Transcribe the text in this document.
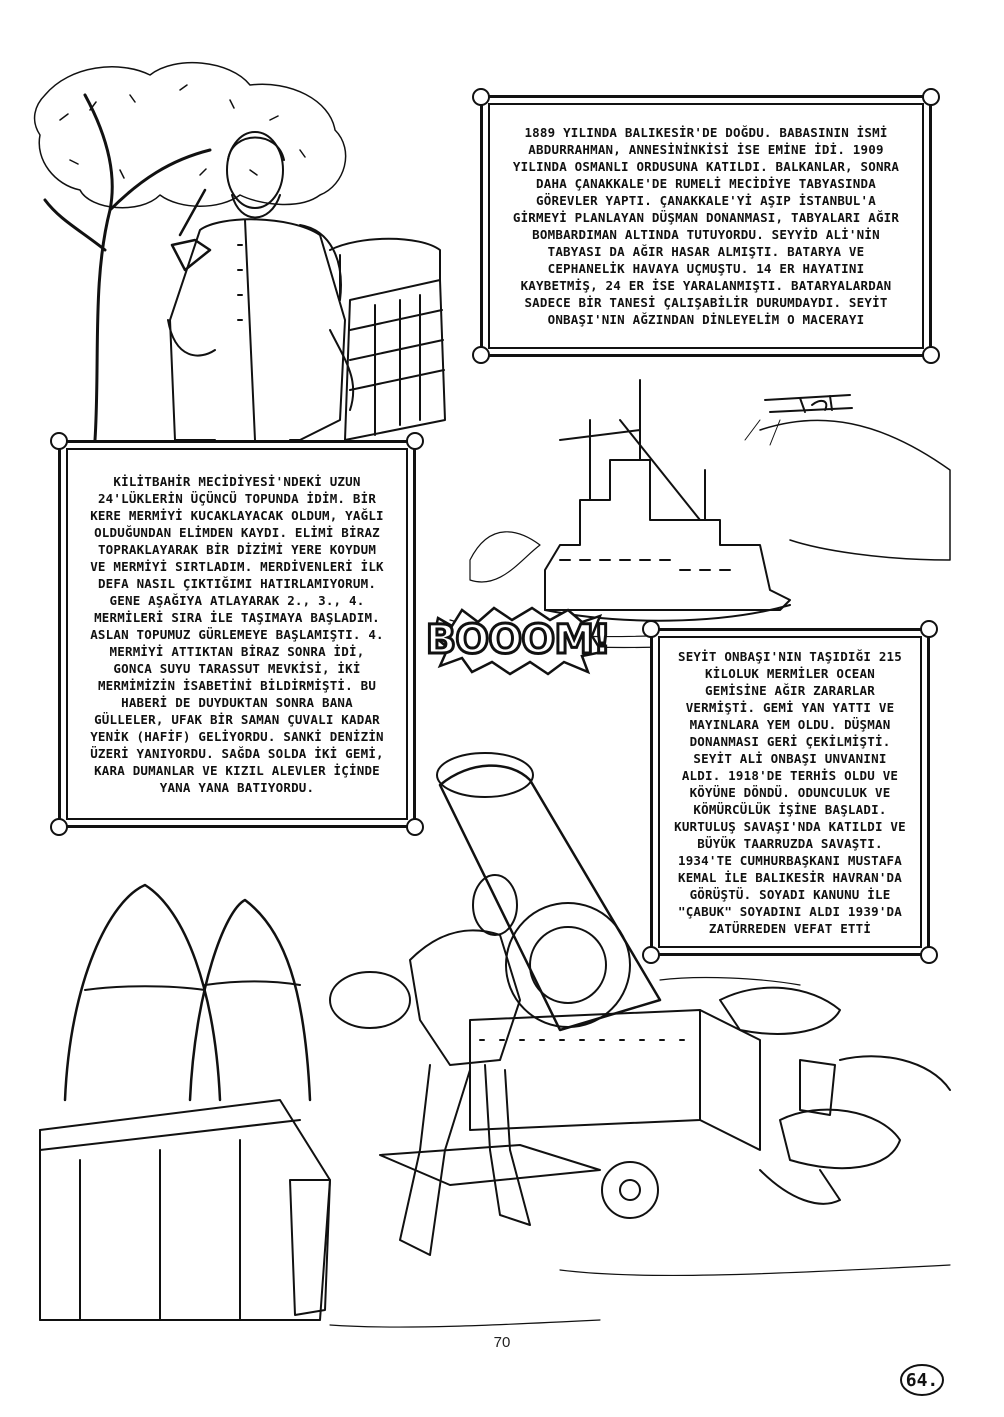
BOOOM!

1889 YILINDA BALIKESİR'DE DOĞDU. BABASININ İSMİ ABDURRAHMAN, ANNESİNİNKİSİ İSE EMİNE İDİ. 1909 YILINDA OSMANLI ORDUSUNA KATILDI. BALKANLAR, SONRA DAHA ÇANAKKALE'DE RUMELİ MECİDİYE TABYASINDA GÖREVLER YAPTI. ÇANAKKALE'Yİ AŞIP İSTANBUL'A GİRMEYİ PLANLAYAN DÜŞMAN DONANMASI, TABYALARI AĞIR BOMBARDIMAN ALTINDA TUTUYORDU. SEYYİD ALİ'NİN TABYASI DA AĞIR HASAR ALMIŞTI. BATARYA VE CEPHANELİK HAVAYA UÇMUŞTU. 14 ER HAYATINI KAYBETMİŞ, 24 ER İSE YARALANMIŞTI. BATARYALARDAN SADECE BİR TANESİ ÇALIŞABİLİR DURUMDAYDI. SEYİT ONBAŞI'NIN AĞZINDAN DİNLEYELİM O MACERAYI

KİLİTBAHİR MECİDİYESİ'NDEKİ UZUN 24'LÜKLERİN ÜÇÜNCÜ TOPUNDA İDİM. BİR KERE MERMİYİ KUCAKLAYACAK OLDUM, YAĞLI OLDUĞUNDAN ELİMDEN KAYDI. ELİMİ BİRAZ TOPRAKLAYARAK BİR DİZİMİ YERE KOYDUM VE MERMİYİ SIRTLADIM. MERDİVENLERİ İLK DEFA NASIL ÇIKTIĞIMI HATIRLAMIYORUM. GENE AŞAĞIYA ATLAYARAK 2., 3., 4. MERMİLERİ SIRA İLE TAŞIMAYA BAŞLADIM. ASLAN TOPUMUZ GÜRLEMEYE BAŞLAMIŞTI. 4. MERMİYİ ATTIKTAN BİRAZ SONRA İDİ, GONCA SUYU TARASSUT MEVKİSİ, İKİ MERMİMİZİN İSABETİNİ BİLDİRMİŞTİ. BU HABERİ DE DUYDUKTAN SONRA BANA GÜLLELER, UFAK BİR SAMAN ÇUVALI KADAR YENİK (HAFİF) GELİYORDU. SANKİ DENİZİN ÜZERİ YANIYORDU. SAĞDA SOLDA İKİ GEMİ, KARA DUMANLAR VE KIZIL ALEVLER İÇİNDE YANA YANA BATIYORDU.

SEYİT ONBAŞI'NIN TAŞIDIĞI 215 KİLOLUK MERMİLER OCEAN GEMİSİNE AĞIR ZARARLAR VERMİŞTİ. GEMİ YAN YATTI VE MAYINLARA YEM OLDU. DÜŞMAN DONANMASI GERİ ÇEKİLMİŞTİ. SEYİT ALİ ONBAŞI UNVANINI ALDI. 1918'DE TERHİS OLDU VE KÖYÜNE DÖNDÜ. ODUNCULUK VE KÖMÜRCÜLÜK İŞİNE BAŞLADI. KURTULUŞ SAVAŞI'NDA KATILDI VE BÜYÜK TAARRUZDA SAVAŞTI. 1934'TE CUMHURBAŞKANI MUSTAFA KEMAL İLE BALIKESİR HAVRAN'DA GÖRÜŞTÜ. SOYADI KANUNU İLE "ÇABUK" SOYADINI ALDI 1939'DA ZATÜRREDEN VEFAT ETTİ

64.
70
